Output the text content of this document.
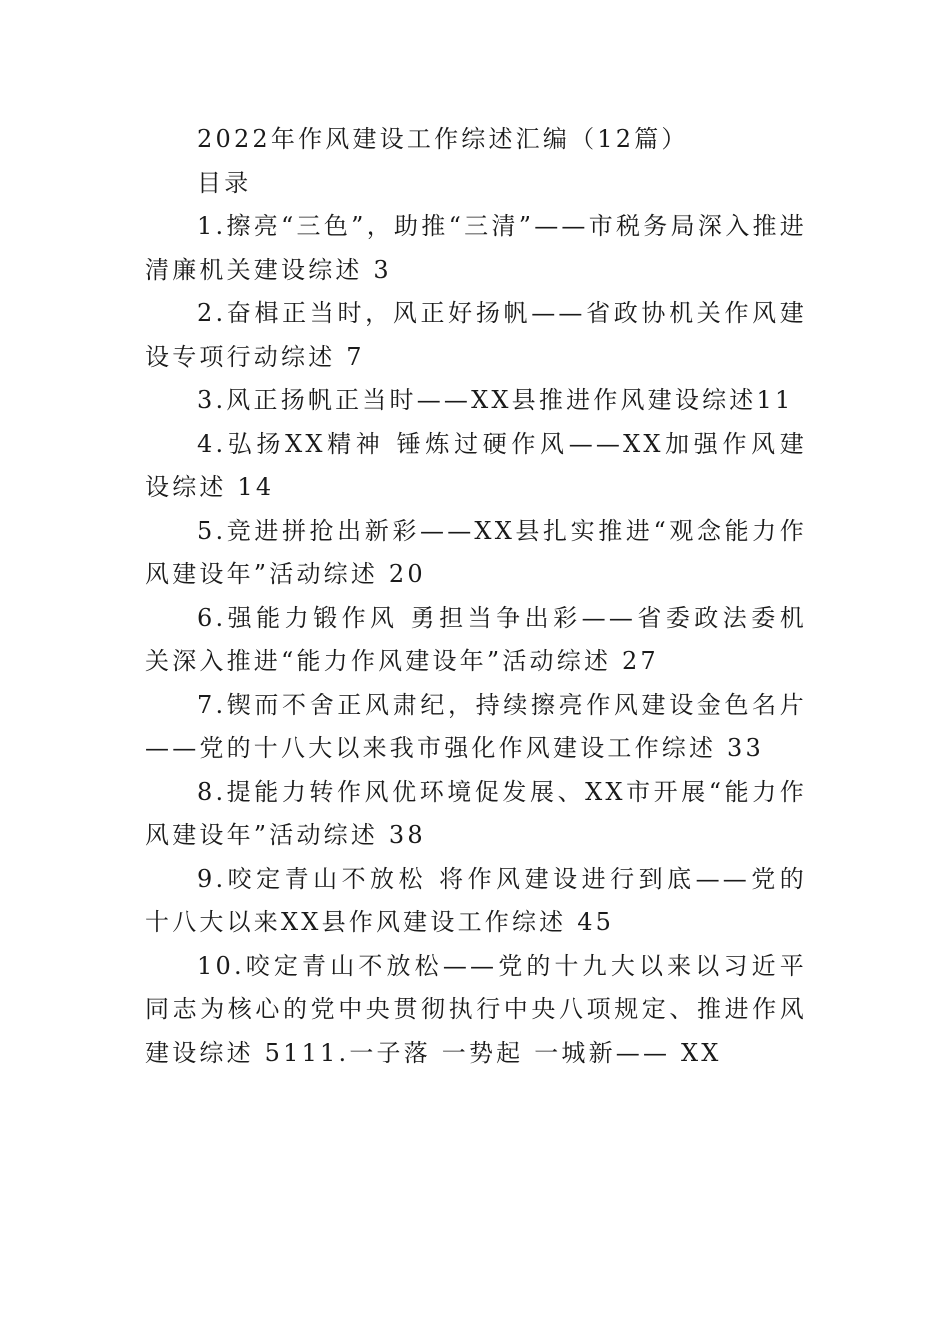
2022年作风建设工作综述汇编（12篇）

目录

1.擦亮“三色”，助推“三清”——市税务局深入推进清廉机关建设综述 3

2.奋楫正当时，风正好扬帆——省政协机关作风建设专项行动综述 7

3.风正扬帆正当时——XX县推进作风建设综述11

4.弘扬XX精神 锤炼过硬作风——XX加强作风建设综述 14

5.竞进拼抢出新彩——XX县扎实推进“观念能力作风建设年”活动综述 20

6.强能力锻作风 勇担当争出彩——省委政法委机关深入推进“能力作风建设年”活动综述 27

7.锲而不舍正风肃纪，持续擦亮作风建设金色名片——党的十八大以来我市强化作风建设工作综述 33

8.提能力转作风优环境促发展、XX市开展“能力作风建设年”活动综述 38

9.咬定青山不放松 将作风建设进行到底——党的十八大以来XX县作风建设工作综述 45

10.咬定青山不放松——党的十九大以来以习近平同志为核心的党中央贯彻执行中央八项规定、推进作风建设综述 5111.一子落 一势起 一城新—— XX
